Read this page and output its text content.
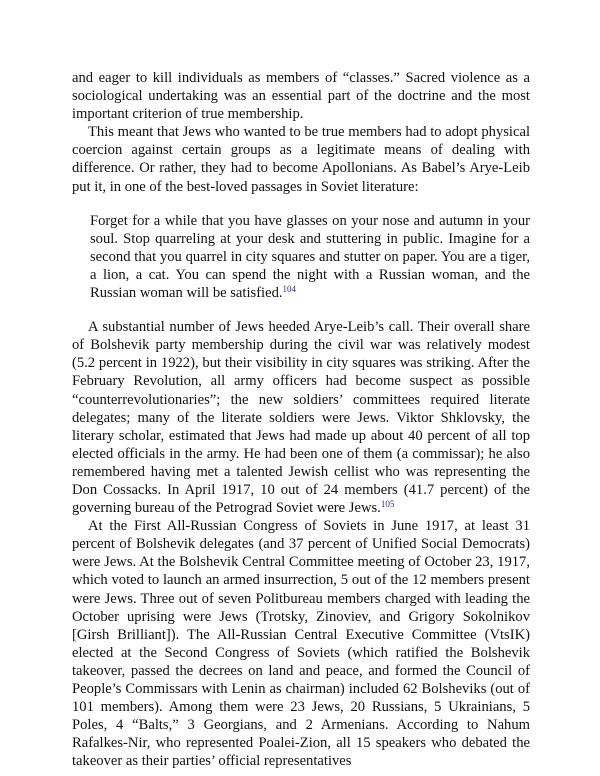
and eager to kill individuals as members of “classes.” Sacred violence as a sociological undertaking was an essential part of the doctrine and the most important criterion of true membership.

This meant that Jews who wanted to be true members had to adopt physical coercion against certain groups as a legitimate means of dealing with difference. Or rather, they had to become Apollonians. As Babel’s Arye-Leib put it, in one of the best-loved passages in Soviet literature:

Forget for a while that you have glasses on your nose and autumn in your soul. Stop quarreling at your desk and stuttering in public. Imagine for a second that you quarrel in city squares and stutter on paper. You are a tiger, a lion, a cat. You can spend the night with a Russian woman, and the Russian woman will be satisfied.$^{104}$

A substantial number of Jews heeded Arye-Leib’s call. Their overall share of Bolshevik party membership during the civil war was relatively modest (5.2 percent in 1922), but their visibility in city squares was striking. After the February Revolution, all army officers had become suspect as possible “counterrevolutionaries”; the new soldiers’ committees required literate delegates; many of the literate soldiers were Jews. Viktor Shklovsky, the literary scholar, estimated that Jews had made up about 40 percent of all top elected officials in the army. He had been one of them (a commissar); he also remembered having met a talented Jewish cellist who was representing the Don Cossacks. In April 1917, 10 out of 24 members (41.7 percent) of the governing bureau of the Petrograd Soviet were Jews.$^{105}$

At the First All-Russian Congress of Soviets in June 1917, at least 31 percent of Bolshevik delegates (and 37 percent of Unified Social Democrats) were Jews. At the Bolshevik Central Committee meeting of October 23, 1917, which voted to launch an armed insurrection, 5 out of the 12 members present were Jews. Three out of seven Politbureau members charged with leading the October uprising were Jews (Trotsky, Zinoviev, and Grigory Sokolnikov [Girsh Brilliant]). The All-Russian Central Executive Committee (VtsIK) elected at the Second Congress of Soviets (which ratified the Bolshevik takeover, passed the decrees on land and peace, and formed the Council of People’s Commissars with Lenin as chairman) included 62 Bolsheviks (out of 101 members). Among them were 23 Jews, 20 Russians, 5 Ukrainians, 5 Poles, 4 “Balts,” 3 Georgians, and 2 Armenians. According to Nahum Rafalkes-Nir, who represented Poalei-Zion, all 15 speakers who debated the takeover as their parties’ official representatives
